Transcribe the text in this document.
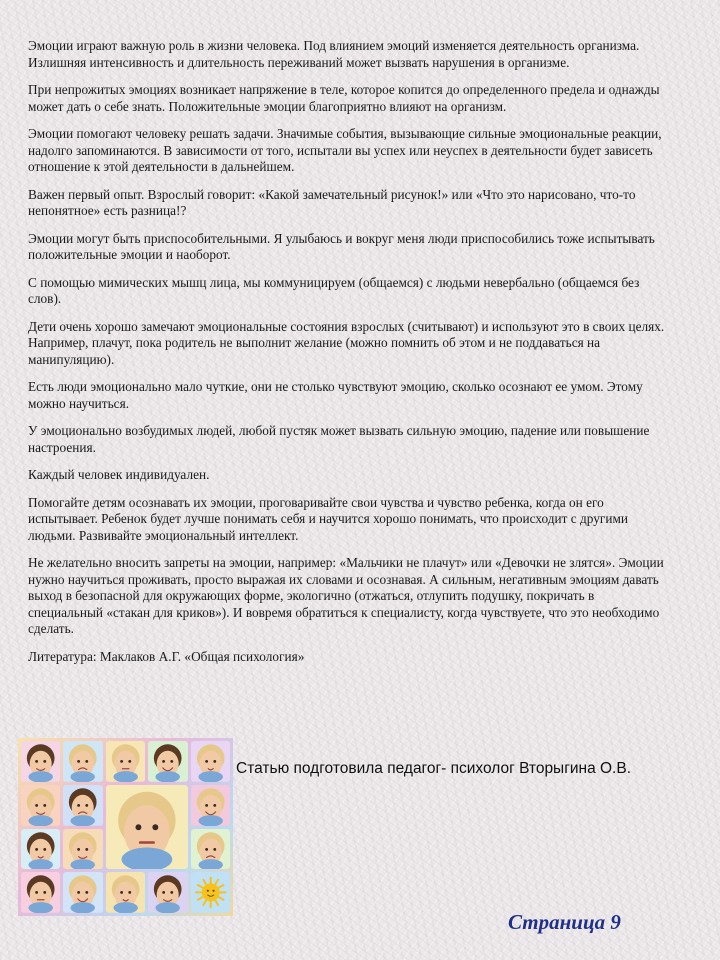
Эмоции играют важную роль в жизни человека. Под влиянием эмоций изменяется деятельность организма. Излишняя интенсивность и длительность переживаний может вызвать нарушения в организме.

При непрожитых эмоциях возникает напряжение в теле, которое копится до определенного предела и однажды может дать о себе знать. Положительные эмоции благоприятно влияют на организм.

Эмоции помогают человеку решать задачи. Значимые события, вызывающие сильные эмоциональные реакции, надолго запоминаются. В зависимости от того, испытали вы успех или неуспех в деятельности будет зависеть отношение к этой деятельности в дальнейшем.

Важен первый опыт. Взрослый говорит: «Какой замечательный рисунок!» или «Что это нарисовано, что-то непонятное» есть разница!?

Эмоции могут быть приспособительными. Я улыбаюсь и вокруг меня люди приспособились тоже испытывать положительные эмоции и наоборот.

С помощью мимических мышц лица, мы коммуницируем (общаемся) с людьми невербально (общаемся без слов).

Дети очень хорошо замечают эмоциональные состояния взрослых (считывают) и используют это в своих целях. Например, плачут, пока родитель не выполнит желание (можно помнить об этом и не поддаваться на манипуляцию).

Есть люди эмоционально мало чуткие, они не столько чувствуют эмоцию, сколько осознают ее умом. Этому можно научиться.

У эмоционально возбудимых людей, любой пустяк может вызвать сильную эмоцию, падение или повышение настроения.

Каждый человек индивидуален.

Помогайте детям осознавать их эмоции, проговаривайте свои чувства и чувство ребенка, когда он его испытывает. Ребенок будет лучше понимать себя и научится хорошо понимать, что происходит с другими людьми. Развивайте эмоциональный интеллект.

Не желательно вносить запреты на эмоции, например: «Мальчики не плачут» или «Девочки не злятся». Эмоции нужно научиться проживать, просто выражая их словами и осознавая. А сильным, негативным эмоциям давать выход в безопасной для окружающих форме, экологично (отжаться, отлупить подушку, покричать в специальный «стакан для криков»). И вовремя обратиться к специалисту, когда чувствуете, что это необходимо сделать.

Литература: Маклаков А.Г. «Общая психология»

Статью подготовила педагог- психолог Вторыгина О.В.
Страница 9
